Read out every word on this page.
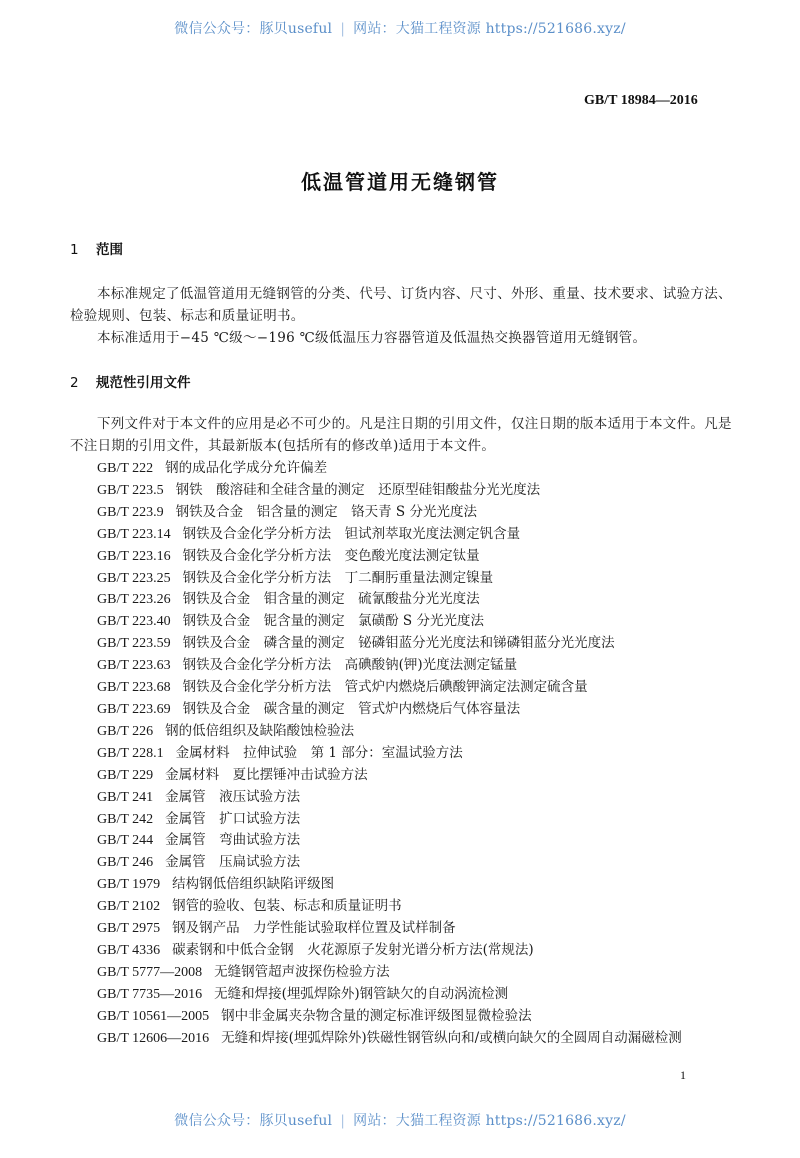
微信公众号：豚贝useful | 网站：大猫工程资源 https://521686.xyz/
GB/T 18984—2016
低温管道用无缝钢管
1 范围
本标准规定了低温管道用无缝钢管的分类、代号、订货内容、尺寸、外形、重量、技术要求、试验方法、检验规则、包装、标志和质量证明书。
本标准适用于−45 ℃级～−196 ℃级低温压力容器管道及低温热交换器管道用无缝钢管。
2 规范性引用文件
下列文件对于本文件的应用是必不可少的。凡是注日期的引用文件，仅注日期的版本适用于本文件。凡是不注日期的引用文件，其最新版本(包括所有的修改单)适用于本文件。
GB/T 222 钢的成品化学成分允许偏差
GB/T 223.5 钢铁　酸溶硅和全硅含量的测定　还原型硅钼酸盐分光光度法
GB/T 223.9 钢铁及合金　铝含量的测定　铬天青 S 分光光度法
GB/T 223.14 钢铁及合金化学分析方法　钽试剂萃取光度法测定钒含量
GB/T 223.16 钢铁及合金化学分析方法　变色酸光度法测定钛量
GB/T 223.25 钢铁及合金化学分析方法　丁二酮肟重量法测定镍量
GB/T 223.26 钢铁及合金　钼含量的测定　硫氰酸盐分光光度法
GB/T 223.40 钢铁及合金　铌含量的测定　氯磺酚 S 分光光度法
GB/T 223.59 钢铁及合金　磷含量的测定　铋磷钼蓝分光光度法和锑磷钼蓝分光光度法
GB/T 223.63 钢铁及合金化学分析方法　高碘酸钠(钾)光度法测定锰量
GB/T 223.68 钢铁及合金化学分析方法　管式炉内燃烧后碘酸钾滴定法测定硫含量
GB/T 223.69 钢铁及合金　碳含量的测定　管式炉内燃烧后气体容量法
GB/T 226 钢的低倍组织及缺陷酸蚀检验法
GB/T 228.1 金属材料　拉伸试验　第 1 部分：室温试验方法
GB/T 229 金属材料　夏比摆锤冲击试验方法
GB/T 241 金属管　液压试验方法
GB/T 242 金属管　扩口试验方法
GB/T 244 金属管　弯曲试验方法
GB/T 246 金属管　压扁试验方法
GB/T 1979 结构钢低倍组织缺陷评级图
GB/T 2102 钢管的验收、包装、标志和质量证明书
GB/T 2975 钢及钢产品　力学性能试验取样位置及试样制备
GB/T 4336 碳素钢和中低合金钢　火花源原子发射光谱分析方法(常规法)
GB/T 5777—2008 无缝钢管超声波探伤检验方法
GB/T 7735—2016 无缝和焊接(埋弧焊除外)钢管缺欠的自动涡流检测
GB/T 10561—2005 钢中非金属夹杂物含量的测定标准评级图显微检验法
GB/T 12606—2016 无缝和焊接(埋弧焊除外)铁磁性钢管纵向和/或横向缺欠的全圆周自动漏磁检测
1
微信公众号：豚贝useful | 网站：大猫工程资源 https://521686.xyz/
